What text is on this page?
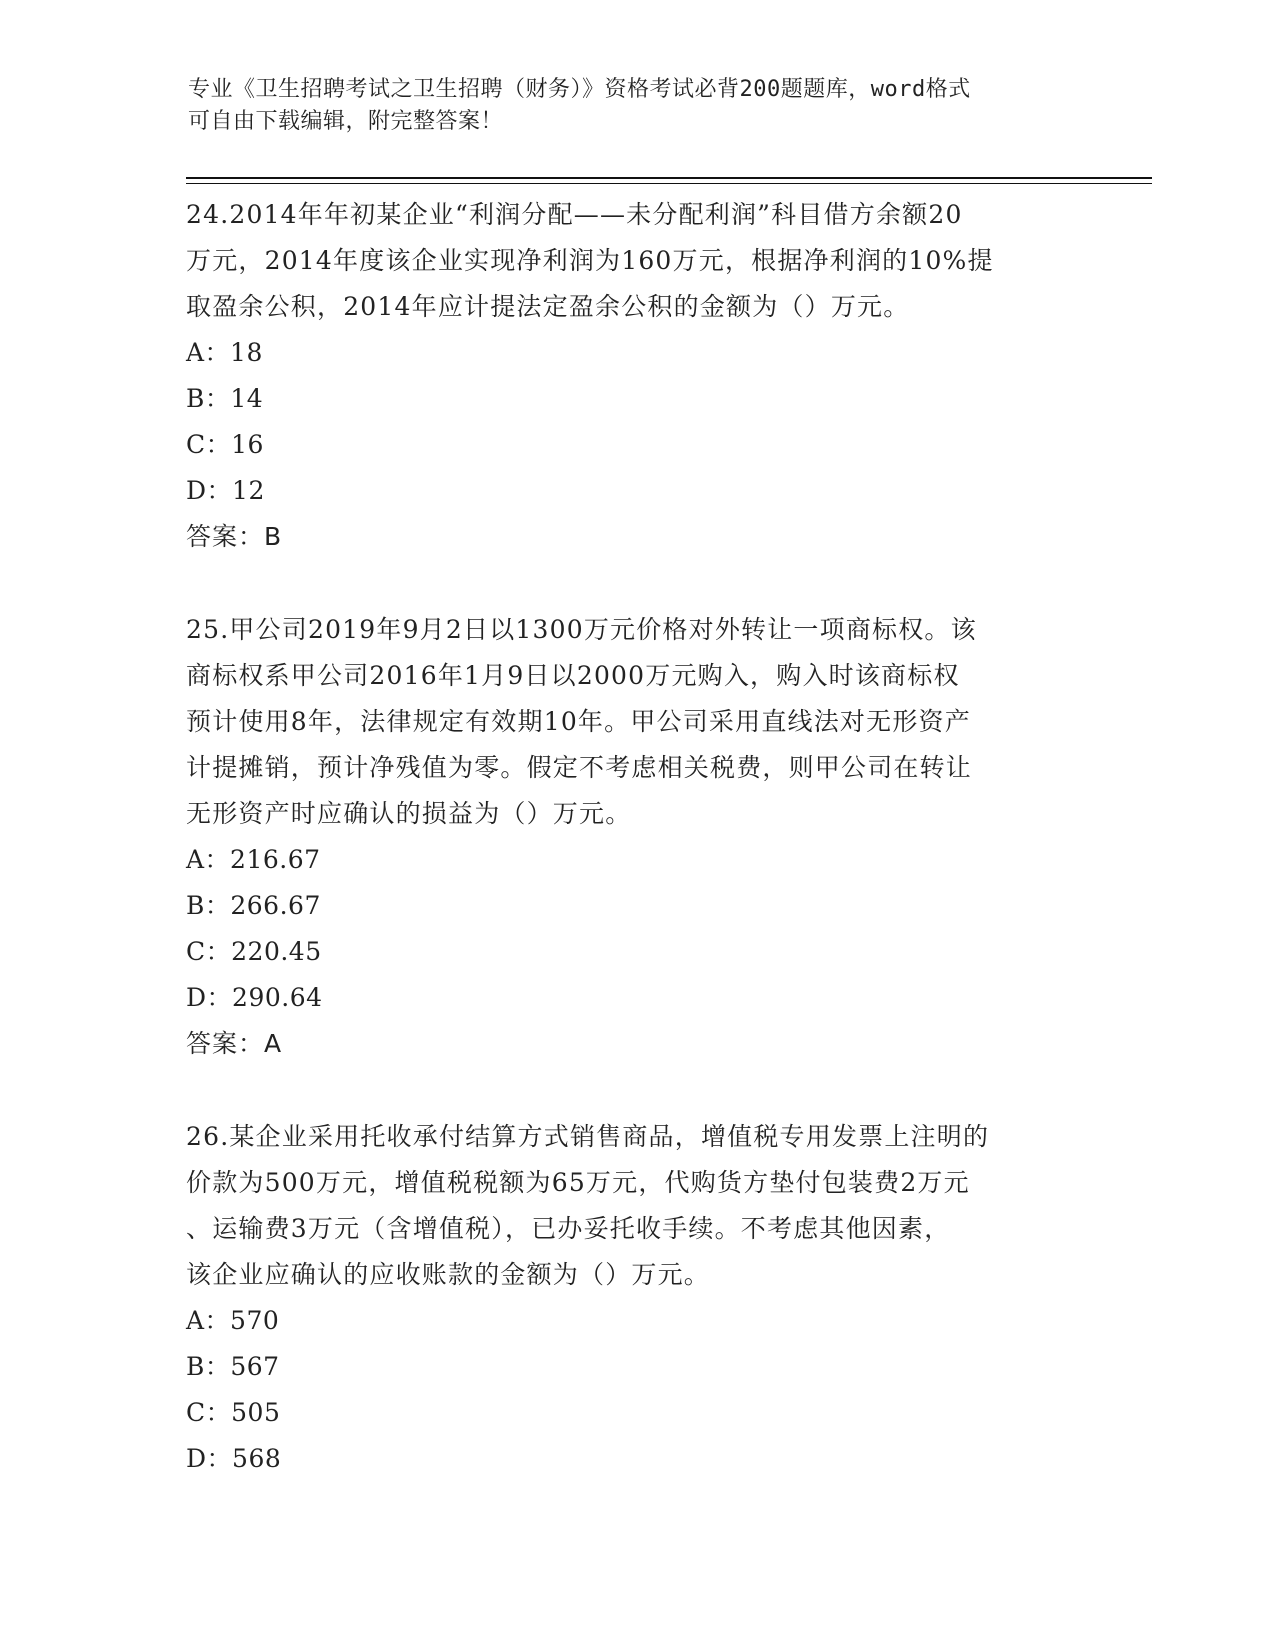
专业《卫生招聘考试之卫生招聘（财务）》资格考试必背200题题库，word格式
可自由下载编辑，附完整答案！
24.2014年年初某企业“利润分配——未分配利润”科目借方余额20
万元，2014年度该企业实现净利润为160万元，根据净利润的10%提
取盈余公积，2014年应计提法定盈余公积的金额为（）万元。
A：18
B：14
C：16
D：12
答案：B
25.甲公司2019年9月2日以1300万元价格对外转让一项商标权。该
商标权系甲公司2016年1月9日以2000万元购入，购入时该商标权
预计使用8年，法律规定有效期10年。甲公司采用直线法对无形资产
计提摊销，预计净残值为零。假定不考虑相关税费，则甲公司在转让
无形资产时应确认的损益为（）万元。
A：216.67
B：266.67
C：220.45
D：290.64
答案：A
26.某企业采用托收承付结算方式销售商品，增值税专用发票上注明的
价款为500万元，增值税税额为65万元，代购货方垫付包装费2万元
、运输费3万元（含增值税），已办妥托收手续。不考虑其他因素，
该企业应确认的应收账款的金额为（）万元。
A：570
B：567
C：505
D：568
